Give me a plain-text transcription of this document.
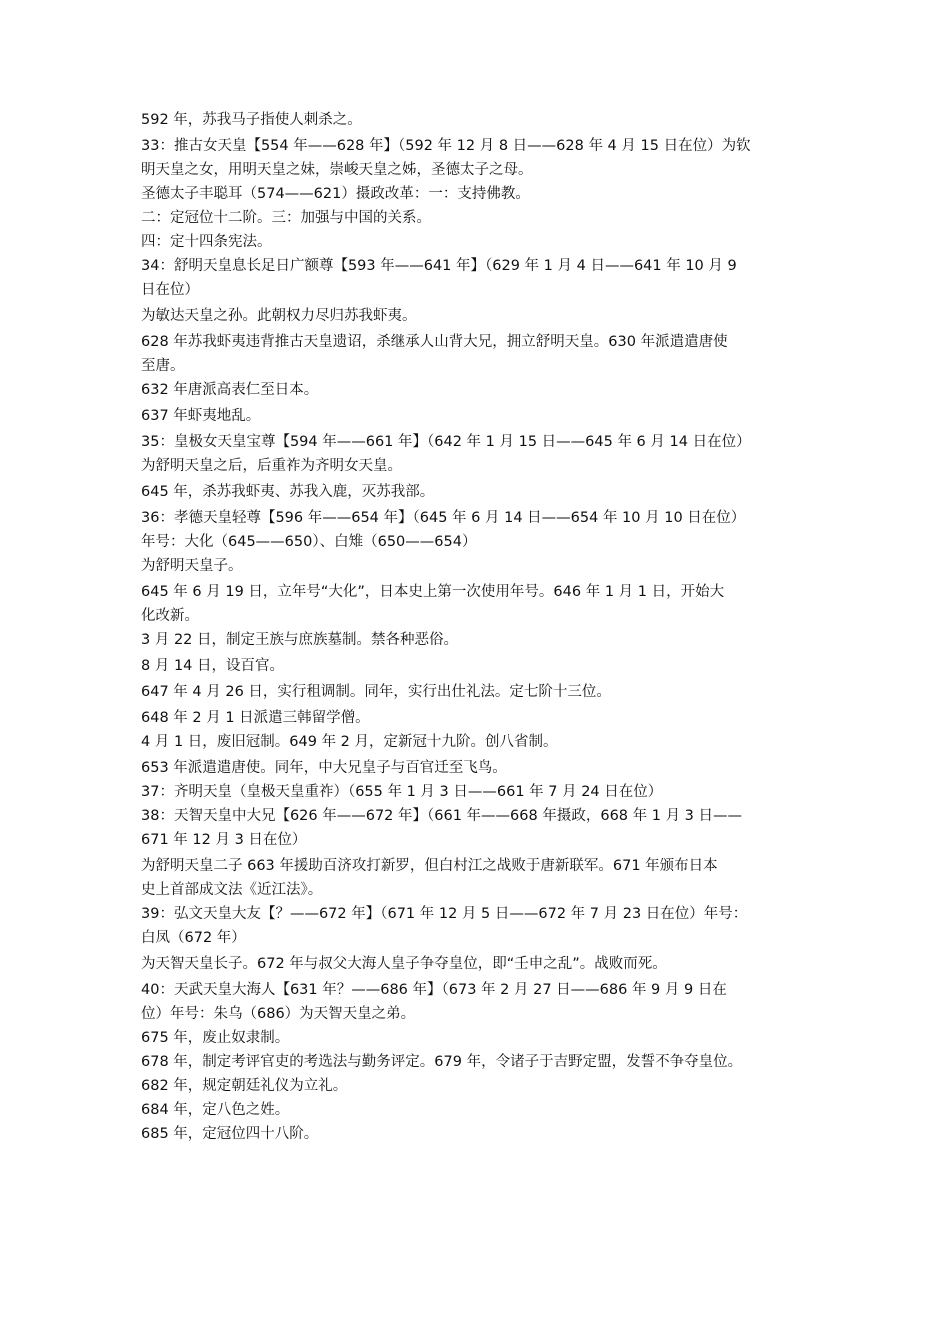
592 年，苏我马子指使人刺杀之。
33：推古女天皇【554 年——628 年】（592 年 12 月 8 日——628 年 4 月 15 日在位）为钦
明天皇之女，用明天皇之妹，崇峻天皇之姊，圣德太子之母。
圣德太子丰聪耳（574——621）摄政改革：一：支持佛教。
二：定冠位十二阶。三：加强与中国的关系。
四：定十四条宪法。
34：舒明天皇息长足日广额尊【593 年——641 年】（629 年 1 月 4 日——641 年 10 月 9
日在位）
为敏达天皇之孙。此朝权力尽归苏我虾夷。
628 年苏我虾夷违背推古天皇遗诏，杀继承人山背大兄，拥立舒明天皇。630 年派遣遣唐使
至唐。
632 年唐派高表仁至日本。
637 年虾夷地乱。
35：皇极女天皇宝尊【594 年——661 年】（642 年 1 月 15 日——645 年 6 月 14 日在位）
为舒明天皇之后，后重祚为齐明女天皇。
645 年，杀苏我虾夷、苏我入鹿，灭苏我部。
36：孝德天皇轻尊【596 年——654 年】（645 年 6 月 14 日——654 年 10 月 10 日在位）
年号：大化（645——650）、白雉（650——654）
为舒明天皇子。
645 年 6 月 19 日，立年号“大化”，日本史上第一次使用年号。646 年 1 月 1 日，开始大
化改新。
3 月 22 日，制定王族与庶族墓制。禁各种恶俗。
8 月 14 日，设百官。
647 年 4 月 26 日，实行租调制。同年，实行出仕礼法。定七阶十三位。
648 年 2 月 1 日派遣三韩留学僧。
4 月 1 日，废旧冠制。649 年 2 月，定新冠十九阶。创八省制。
653 年派遣遣唐使。同年，中大兄皇子与百官迁至飞鸟。
37：齐明天皇（皇极天皇重祚）（655 年 1 月 3 日——661 年 7 月 24 日在位）
38：天智天皇中大兄【626 年——672 年】（661 年——668 年摄政，668 年 1 月 3 日——
671 年 12 月 3 日在位）
为舒明天皇二子 663 年援助百济攻打新罗，但白村江之战败于唐新联军。671 年颁布日本
史上首部成文法《近江法》。
39：弘文天皇大友【？——672 年】（671 年 12 月 5 日——672 年 7 月 23 日在位）年号：
白凤（672 年）
为天智天皇长子。672 年与叔父大海人皇子争夺皇位，即“壬申之乱”。战败而死。
40：天武天皇大海人【631 年？——686 年】（673 年 2 月 27 日——686 年 9 月 9 日在
位）年号：朱乌（686）为天智天皇之弟。
675 年，废止奴隶制。
678 年，制定考评官吏的考选法与勤务评定。679 年，令诸子于吉野定盟，发誓不争夺皇位。
682 年，规定朝廷礼仪为立礼。
684 年，定八色之姓。
685 年，定冠位四十八阶。
